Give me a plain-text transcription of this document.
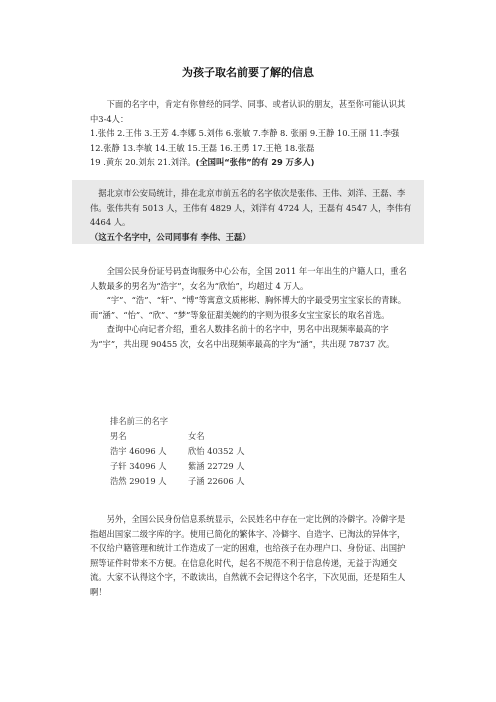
为孩子取名前要了解的信息

下面的名字中，肯定有你曾经的同学、同事、或者认识的朋友，甚至你可能认识其中3-4人：

1.张伟 2.王伟 3.王芳 4.李娜 5.刘伟 6.张敏 7.李静 8. 张丽 9.王静 10.王丽 11.李强 12.张静 13.李敏 14.王敏 15.王磊 16.王勇 17.王艳 18.张磊

19 .黄东 20.刘东 21.刘洋。(全国叫“张伟”的有 29 万多人)

据北京市公安局统计，排在北京市前五名的名字依次是张伟、王伟、刘洋、王磊、李伟。张伟共有 5013 人，王伟有 4829 人，刘洋有 4724 人，王磊有 4547 人，李伟有 4464 人。
（这五个名字中，公司同事有 李伟、王磊）

全国公民身份证号码查询服务中心公布，全国 2011 年一年出生的户籍人口，重名人数最多的男名为“浩宇”，女名为“欣怡”，均超过 4 万人。

“宇”、“浩”、“轩”、“博”等寓意文质彬彬、胸怀博大的字最受男宝宝家长的青睐。而“涵”、“怡”、“欣”、“梦”等象征甜美婉约的字则为很多女宝宝家长的取名首选。

查询中心向记者介绍，重名人数排名前十的名字中，男名中出现频率最高的字为“宇”，共出现 90455 次，女名中出现频率最高的字为“涵”，共出现 78737 次。

排名前三的名字
男名	女名
浩宇 46096 人	欣怡 40352 人
子轩 34096 人	紫涵 22729 人
浩然 29019 人	子涵 22606 人

另外，全国公民身份信息系统显示，公民姓名中存在一定比例的冷僻字。冷僻字是指超出国家二级字库的字。使用已简化的繁体字、冷僻字、自造字、已淘汰的异体字，不仅给户籍管理和统计工作造成了一定的困难，也给孩子在办理户口、身份证、出国护照等证件时带来不方便。在信息化时代，起名不规范不利于信息传递，无益于沟通交流。大家不认得这个字，不敢读出，自然就不会记得这个名字，下次见面，还是陌生人啊！
